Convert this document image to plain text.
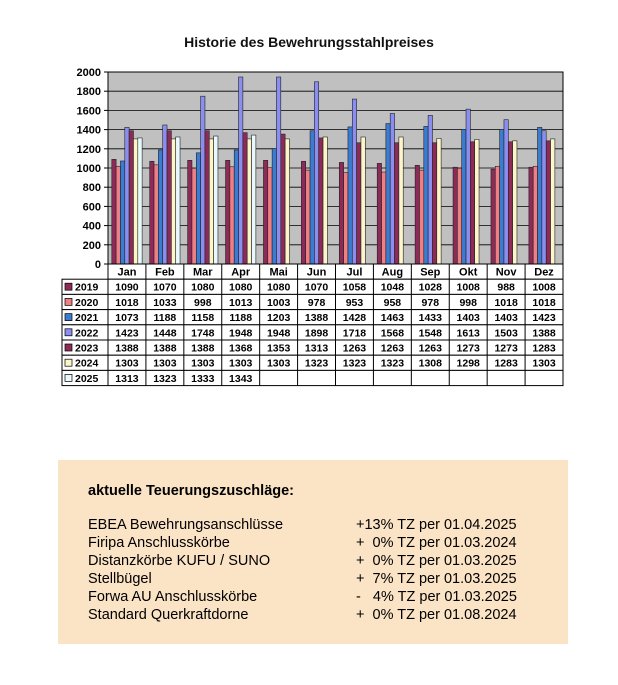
Historie des Bewehrungsstahlpreises
0
200
400
600
800
1000
1200
1400
1600
1800
2000
Jan Feb Mar Apr Mai Jun Jul Aug Sep Okt Nov Dez
2019 1090 1070 1080 1080 1080 1070 1058 1048 1028 1008 988 1008
2020 1018 1033 998 1013 1003 978 953 958 978 998 1018 1018
2021 1073 1188 1158 1188 1203 1388 1428 1463 1433 1403 1403 1423
2022 1423 1448 1748 1948 1948 1898 1718 1568 1548 1613 1503 1388
2023 1388 1388 1388 1368 1353 1313 1263 1263 1263 1273 1273 1283
2024 1303 1303 1303 1303 1303 1323 1323 1323 1308 1298 1283 1303
2025 1313 1323 1333 1343
aktuelle Teuerungszuschläge:
EBEA Bewehrungsanschlüsse	+13% TZ per 01.04.2025
Firipa Anschlusskörbe	+  0% TZ per 01.03.2024
Distanzkörbe KUFU / SUNO	+  0% TZ per 01.03.2025
Stellbügel	+  7% TZ per 01.03.2025
Forwa AU Anschlusskörbe	-   4% TZ per 01.03.2025
Standard Querkraftdorne	+  0% TZ per 01.08.2024
